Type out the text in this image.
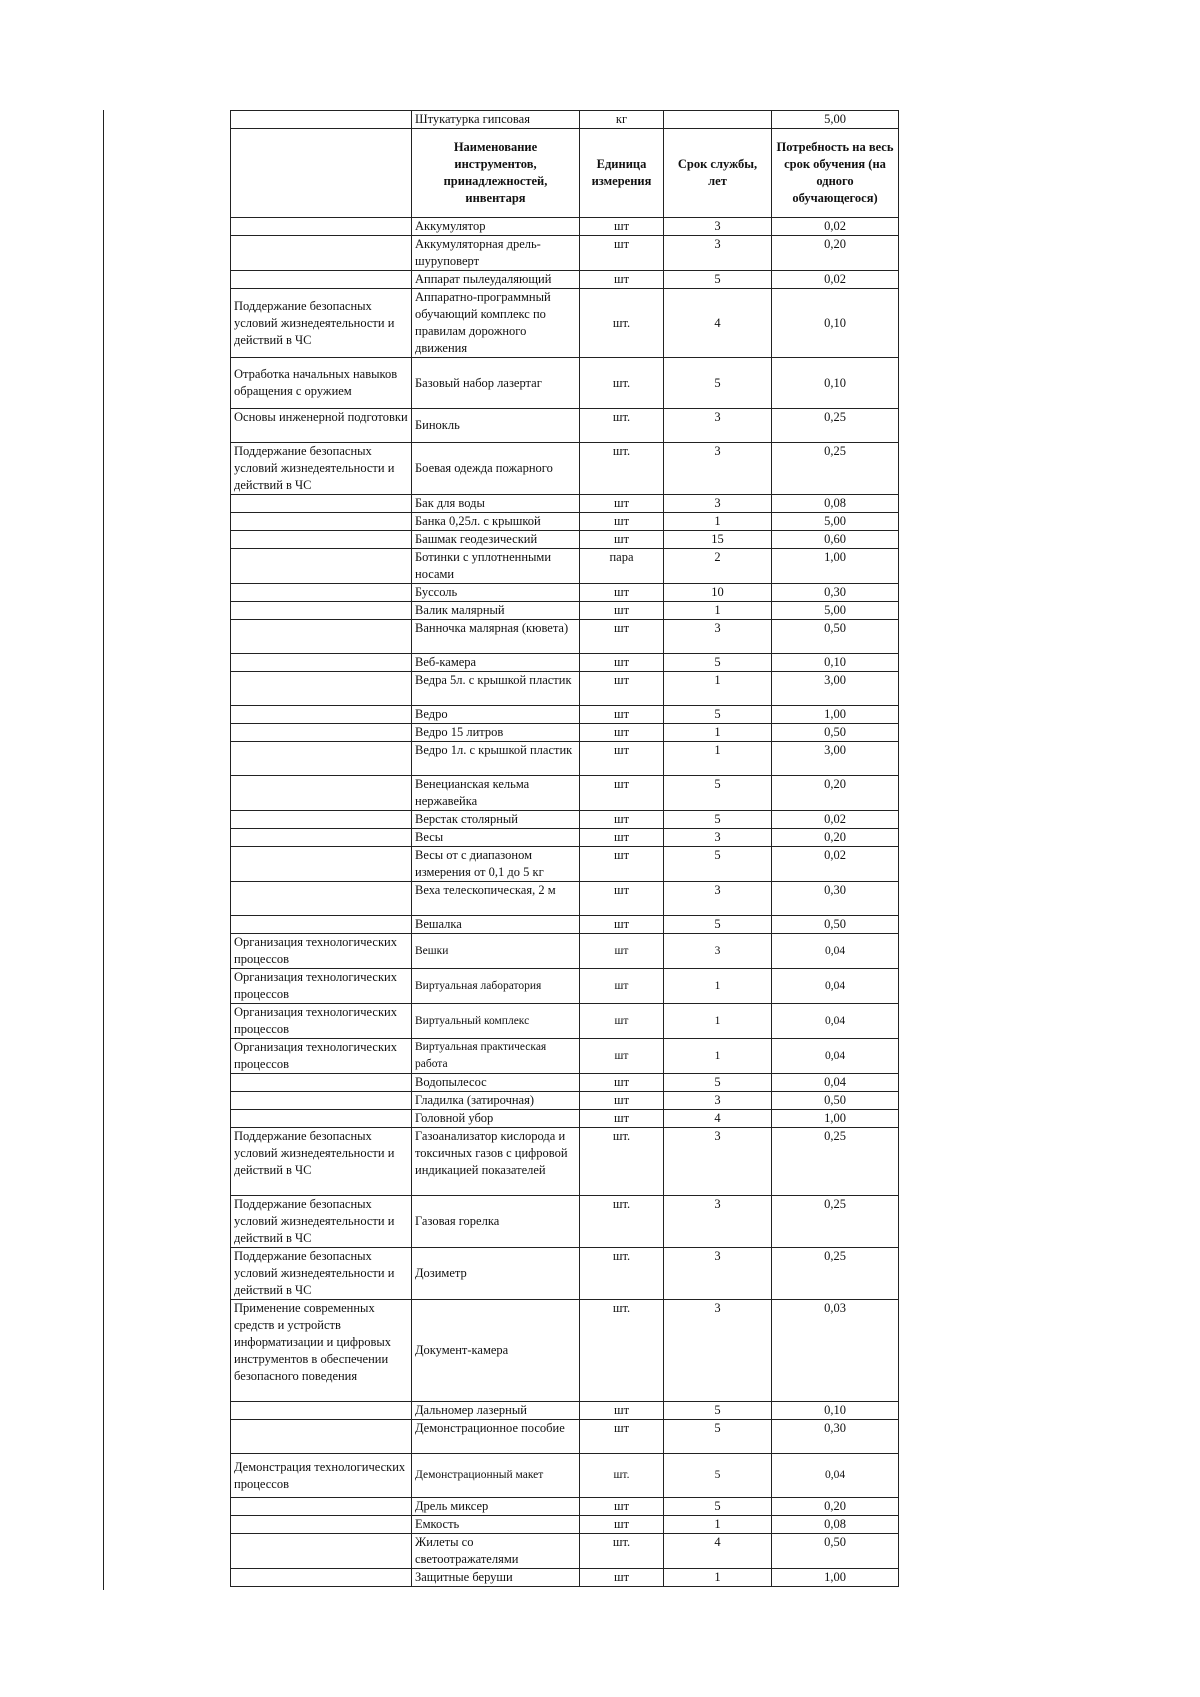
	Штукатурка гипсовая	кг		5,00
	Наименование инструментов, принадлежностей, инвентаря	Единица измерения	Срок службы, лет	Потребность на весь срок обучения (на одного обучающегося)
	Аккумулятор	шт	3	0,02
	Аккумуляторная дрель-шуруповерт	шт	3	0,20
	Аппарат пылеудаляющий	шт	5	0,02
Поддержание безопасных условий жизнедеятельности и действий в ЧС	Аппаратно-программный обучающий комплекс по правилам дорожного движения	шт.	4	0,10
Отработка начальных навыков обращения с оружием	Базовый набор лазертаг	шт.	5	0,10
Основы инженерной подготовки	Бинокль	шт.	3	0,25
Поддержание безопасных условий жизнедеятельности и действий в ЧС	Боевая одежда пожарного	шт.	3	0,25
	Бак для воды	шт	3	0,08
	Банка 0,25л. с крышкой	шт	1	5,00
	Башмак геодезический	шт	15	0,60
	Ботинки с уплотненными носами	пара	2	1,00
	Буссоль	шт	10	0,30
	Валик малярный	шт	1	5,00
	Ванночка малярная (кювета)	шт	3	0,50
	Веб-камера	шт	5	0,10
	Ведра 5л. с крышкой пластик	шт	1	3,00
	Ведро	шт	5	1,00
	Ведро 15 литров	шт	1	0,50
	Ведро 1л. с крышкой пластик	шт	1	3,00
	Венецианская кельма нержавейка	шт	5	0,20
	Верстак столярный	шт	5	0,02
	Весы	шт	3	0,20
	Весы от с диапазоном измерения от 0,1 до 5 кг	шт	5	0,02
	Веха телескопическая, 2 м	шт	3	0,30
	Вешалка	шт	5	0,50
Организация технологических процессов	Вешки	шт	3	0,04
Организация технологических процессов	Виртуальная лаборатория	шт	1	0,04
Организация технологических процессов	Виртуальный комплекс	шт	1	0,04
Организация технологических процессов	Виртуальная практическая работа	шт	1	0,04
	Водопылесос	шт	5	0,04
	Гладилка (затирочная)	шт	3	0,50
	Головной убор	шт	4	1,00
Поддержание безопасных условий жизнедеятельности и действий в ЧС	Газоанализатор кислорода и токсичных газов с цифровой индикацией показателей	шт.	3	0,25
Поддержание безопасных условий жизнедеятельности и действий в ЧС	Газовая горелка	шт.	3	0,25
Поддержание безопасных условий жизнедеятельности и действий в ЧС	Дозиметр	шт.	3	0,25
Применение современных средств и устройств информатизации и цифровых инструментов в обеспечении безопасного поведения	Документ-камера	шт.	3	0,03
	Дальномер лазерный	шт	5	0,10
	Демонстрационное пособие	шт	5	0,30
Демонстрация технологических процессов	Демонстрационный макет	шт.	5	0,04
	Дрель миксер	шт	5	0,20
	Емкость	шт	1	0,08
	Жилеты со светоотражателями	шт.	4	0,50
	Защитные беруши	шт	1	1,00
